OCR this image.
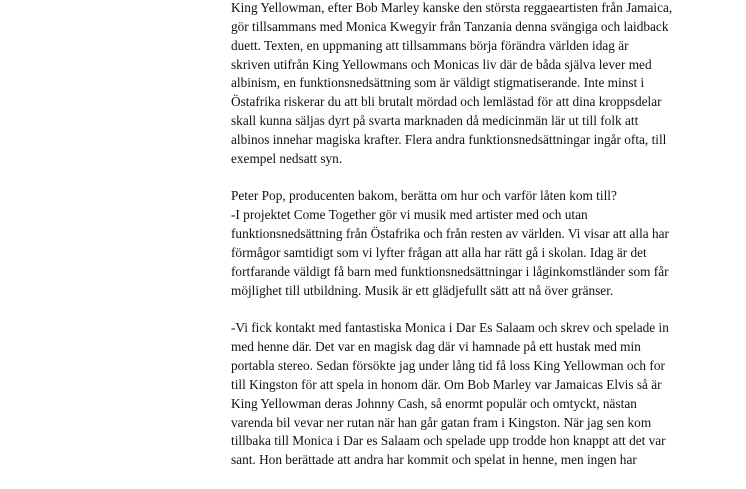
King Yellowman, efter Bob Marley kanske den största reggaeartisten från Jamaica,
gör tillsammans med Monica Kwegyir från Tanzania denna svängiga och laidback
duett. Texten, en uppmaning att tillsammans börja förändra världen idag är
skriven utifrån King Yellowmans och Monicas liv där de båda själva lever med
albinism, en funktionsnedsättning som är väldigt stigmatiserande. Inte minst i
Östafrika riskerar du att bli brutalt mördad och lemlästad för att dina kroppsdelar
skall kunna säljas dyrt på svarta marknaden då medicinmän lär ut till folk att
albinos innehar magiska krafter. Flera andra funktionsnedsättningar ingår ofta, till
exempel nedsatt syn.

Peter Pop, producenten bakom, berätta om hur och varför låten kom till?
-I projektet Come Together gör vi musik med artister med och utan
funktionsnedsättning från Östafrika och från resten av världen. Vi visar att alla har
förmågor samtidigt som vi lyfter frågan att alla har rätt gå i skolan. Idag är det
fortfarande väldigt få barn med funktionsnedsättningar i låginkomstländer som får
möjlighet till utbildning. Musik är ett glädjefullt sätt att nå över gränser.

-Vi fick kontakt med fantastiska Monica i Dar Es Salaam och skrev och spelade in
med henne där. Det var en magisk dag där vi hamnade på ett hustak med min
portabla stereo. Sedan försökte jag under lång tid få loss King Yellowman och for
till Kingston för att spela in honom där. Om Bob Marley var Jamaicas Elvis så är
King Yellowman deras Johnny Cash, så enormt populär och omtyckt, nästan
varenda bil vevar ner rutan när han går gatan fram i Kingston. När jag sen kom
tillbaka till Monica i Dar es Salaam och spelade upp trodde hon knappt att det var
sant. Hon berättade att andra har kommit och spelat in henne, men ingen har
